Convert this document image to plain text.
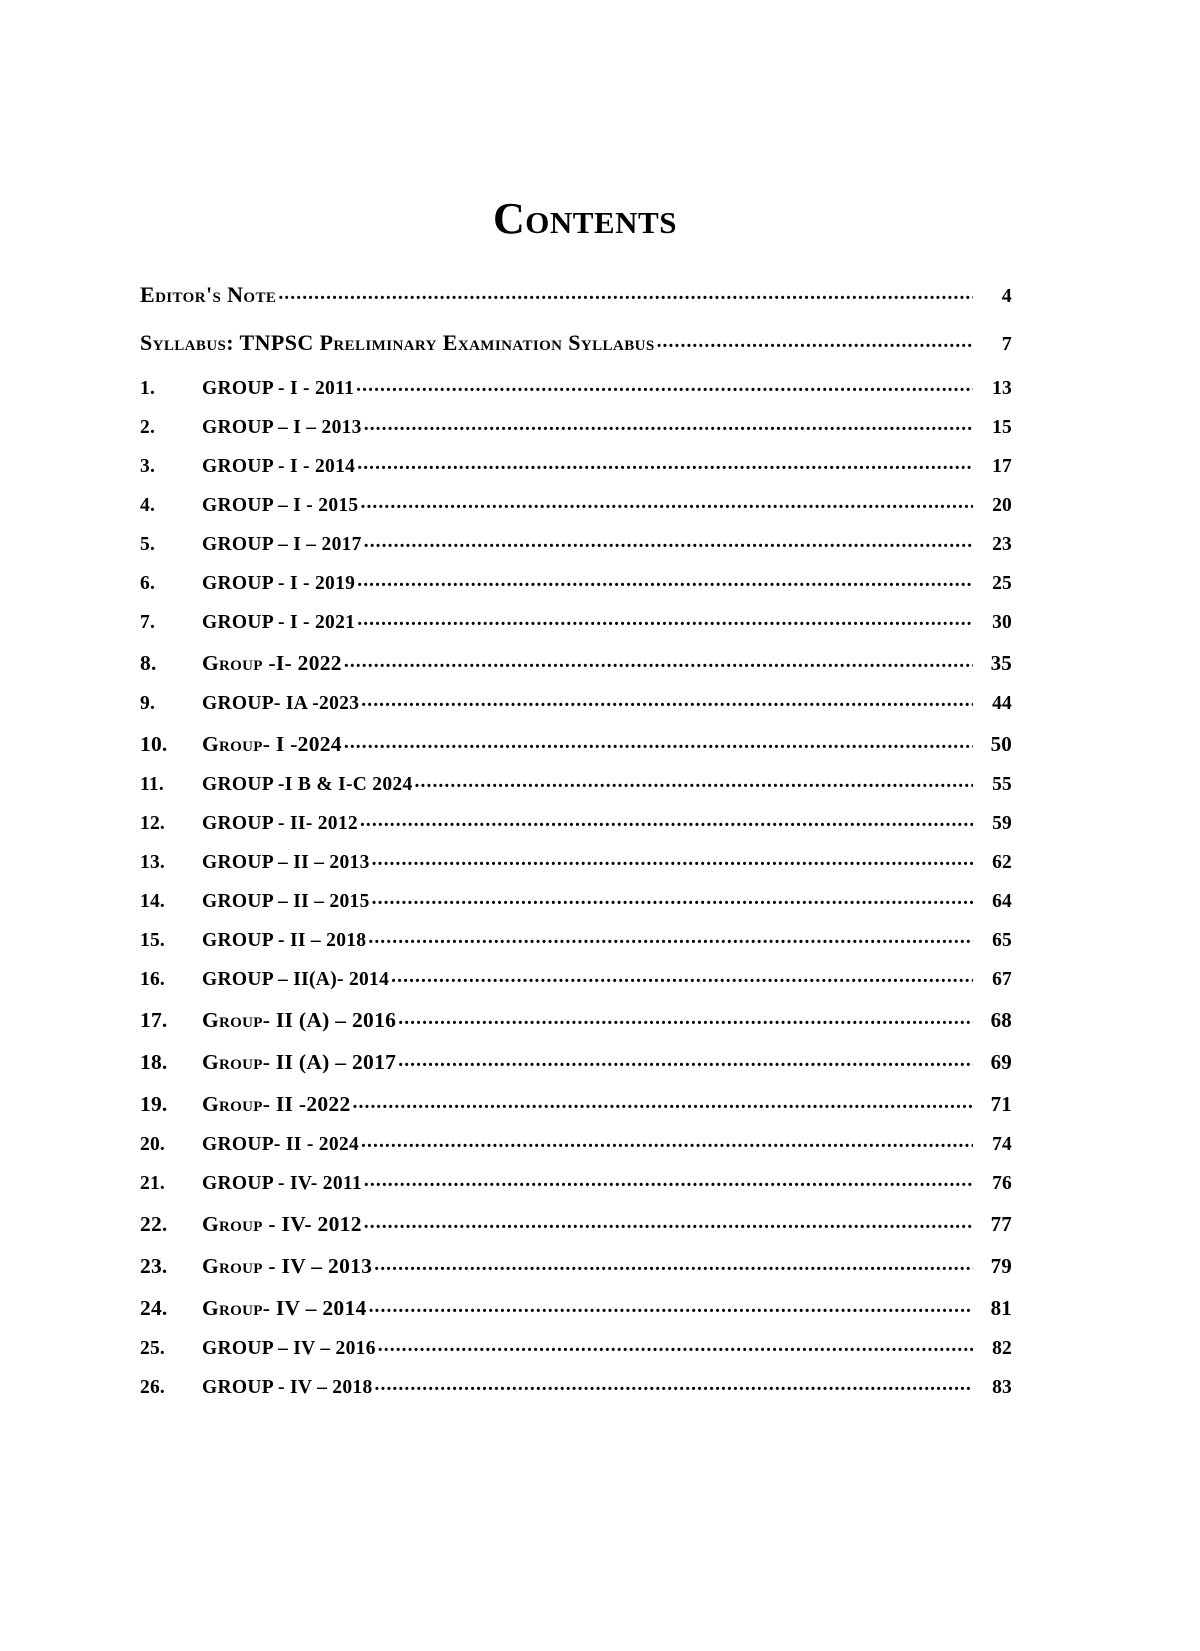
Contents
Editor's Note .....	4
Syllabus: TNPSC Preliminary Examination Syllabus .....	7
1.	GROUP - I - 2011 .....	13
2.	GROUP – I – 2013 .....	15
3.	GROUP - I - 2014 .....	17
4.	GROUP – I - 2015 .....	20
5.	GROUP – I – 2017 .....	23
6.	GROUP - I - 2019 .....	25
7.	GROUP - I - 2021 .....	30
8.	Group -I- 2022 .....	35
9.	GROUP- IA -2023 .....	44
10.	Group- I -2024 .....	50
11.	GROUP -I B & I-C 2024 .....	55
12.	GROUP - II- 2012 .....	59
13.	GROUP – II – 2013 .....	62
14.	GROUP – II – 2015 .....	64
15.	GROUP - II – 2018 .....	65
16.	GROUP – II(A)- 2014 .....	67
17.	Group- II (A) – 2016 .....	68
18.	Group- II (A) – 2017 .....	69
19.	Group- II -2022 .....	71
20.	GROUP- II - 2024 .....	74
21.	GROUP - IV- 2011 .....	76
22.	Group - IV- 2012 .....	77
23.	Group - IV – 2013 .....	79
24.	Group- IV – 2014 .....	81
25.	GROUP – IV – 2016 .....	82
26.	GROUP - IV – 2018 .....	83
